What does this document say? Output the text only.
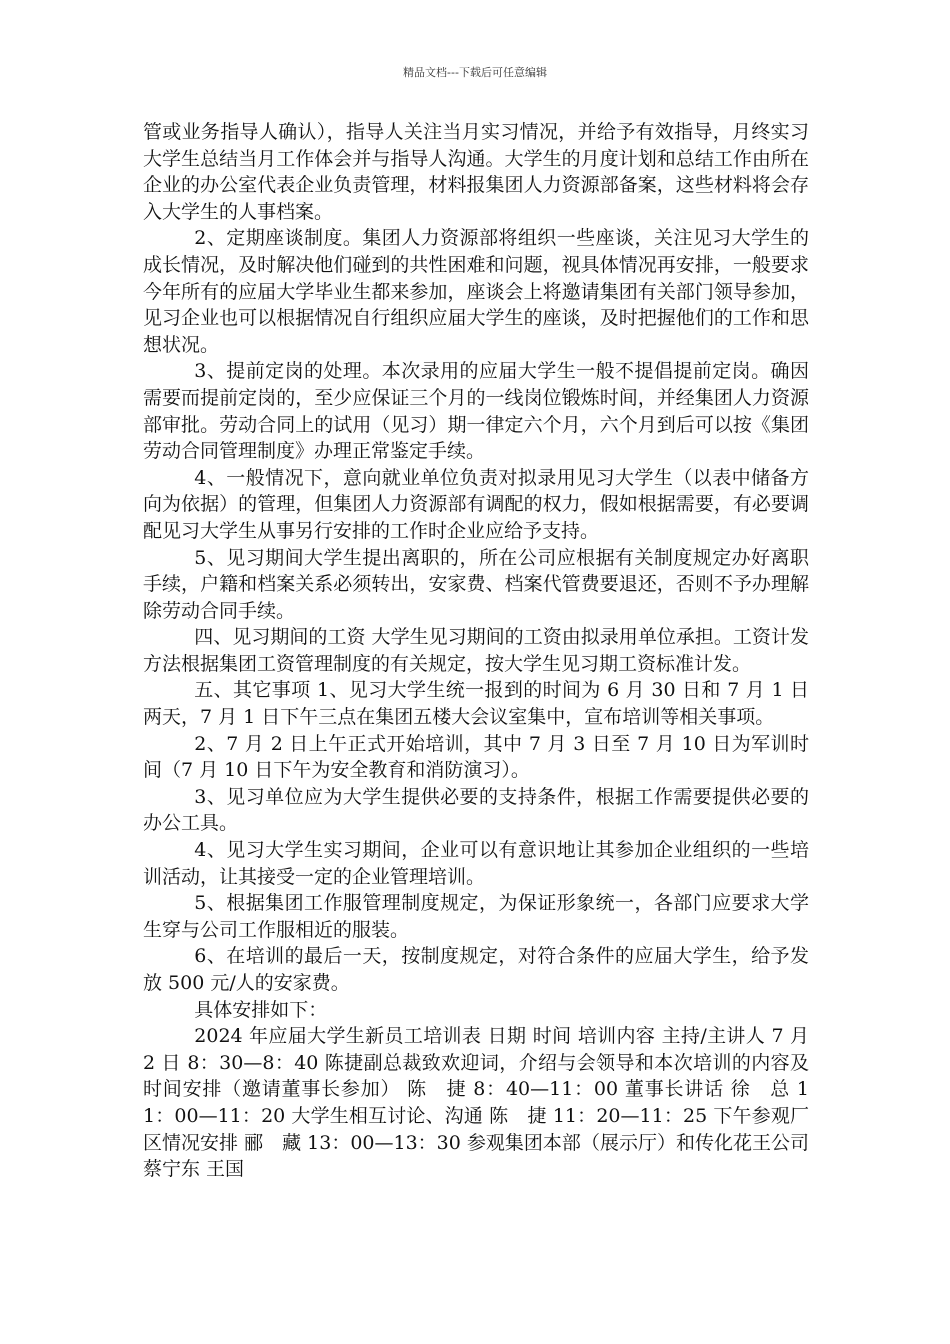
精品文档---下载后可任意编辑

管或业务指导人确认），指导人关注当月实习情况，并给予有效指导，月终实习大学生总结当月工作体会并与指导人沟通。大学生的月度计划和总结工作由所在企业的办公室代表企业负责管理，材料报集团人力资源部备案，这些材料将会存入大学生的人事档案。

2、定期座谈制度。集团人力资源部将组织一些座谈，关注见习大学生的成长情况，及时解决他们碰到的共性困难和问题，视具体情况再安排，一般要求今年所有的应届大学毕业生都来参加，座谈会上将邀请集团有关部门领导参加，见习企业也可以根据情况自行组织应届大学生的座谈，及时把握他们的工作和思想状况。

3、提前定岗的处理。本次录用的应届大学生一般不提倡提前定岗。确因需要而提前定岗的，至少应保证三个月的一线岗位锻炼时间，并经集团人力资源部审批。劳动合同上的试用（见习）期一律定六个月，六个月到后可以按《集团劳动合同管理制度》办理正常鉴定手续。

4、一般情况下，意向就业单位负责对拟录用见习大学生（以表中储备方向为依据）的管理，但集团人力资源部有调配的权力，假如根据需要，有必要调配见习大学生从事另行安排的工作时企业应给予支持。

5、见习期间大学生提出离职的，所在公司应根据有关制度规定办好离职手续，户籍和档案关系必须转出，安家费、档案代管费要退还，否则不予办理解除劳动合同手续。

四、见习期间的工资 大学生见习期间的工资由拟录用单位承担。工资计发方法根据集团工资管理制度的有关规定，按大学生见习期工资标准计发。

五、其它事项 1、见习大学生统一报到的时间为 6 月 30 日和 7 月 1 日两天，7 月 1 日下午三点在集团五楼大会议室集中，宣布培训等相关事项。

2、7 月 2 日上午正式开始培训，其中 7 月 3 日至 7 月 10 日为军训时间（7 月 10 日下午为安全教育和消防演习）。

3、见习单位应为大学生提供必要的支持条件，根据工作需要提供必要的办公工具。

4、见习大学生实习期间，企业可以有意识地让其参加企业组织的一些培训活动，让其接受一定的企业管理培训。

5、根据集团工作服管理制度规定，为保证形象统一，各部门应要求大学生穿与公司工作服相近的服装。

6、在培训的最后一天，按制度规定，对符合条件的应届大学生，给予发放 500 元/人的安家费。

具体安排如下：

2024 年应届大学生新员工培训表 日期 时间 培训内容 主持/主讲人 7 月 2 日 8：30—8：40 陈捷副总裁致欢迎词，介绍与会领导和本次培训的内容及时间安排（邀请董事长参加） 陈　捷 8：40—11：00 董事长讲话 徐　总 11：00—11：20 大学生相互讨论、沟通 陈　捷 11：20—11：25 下午参观厂区情况安排 郦　藏 13：00—13：30 参观集团本部（展示厅）和传化花王公司 蔡宁东 王国
